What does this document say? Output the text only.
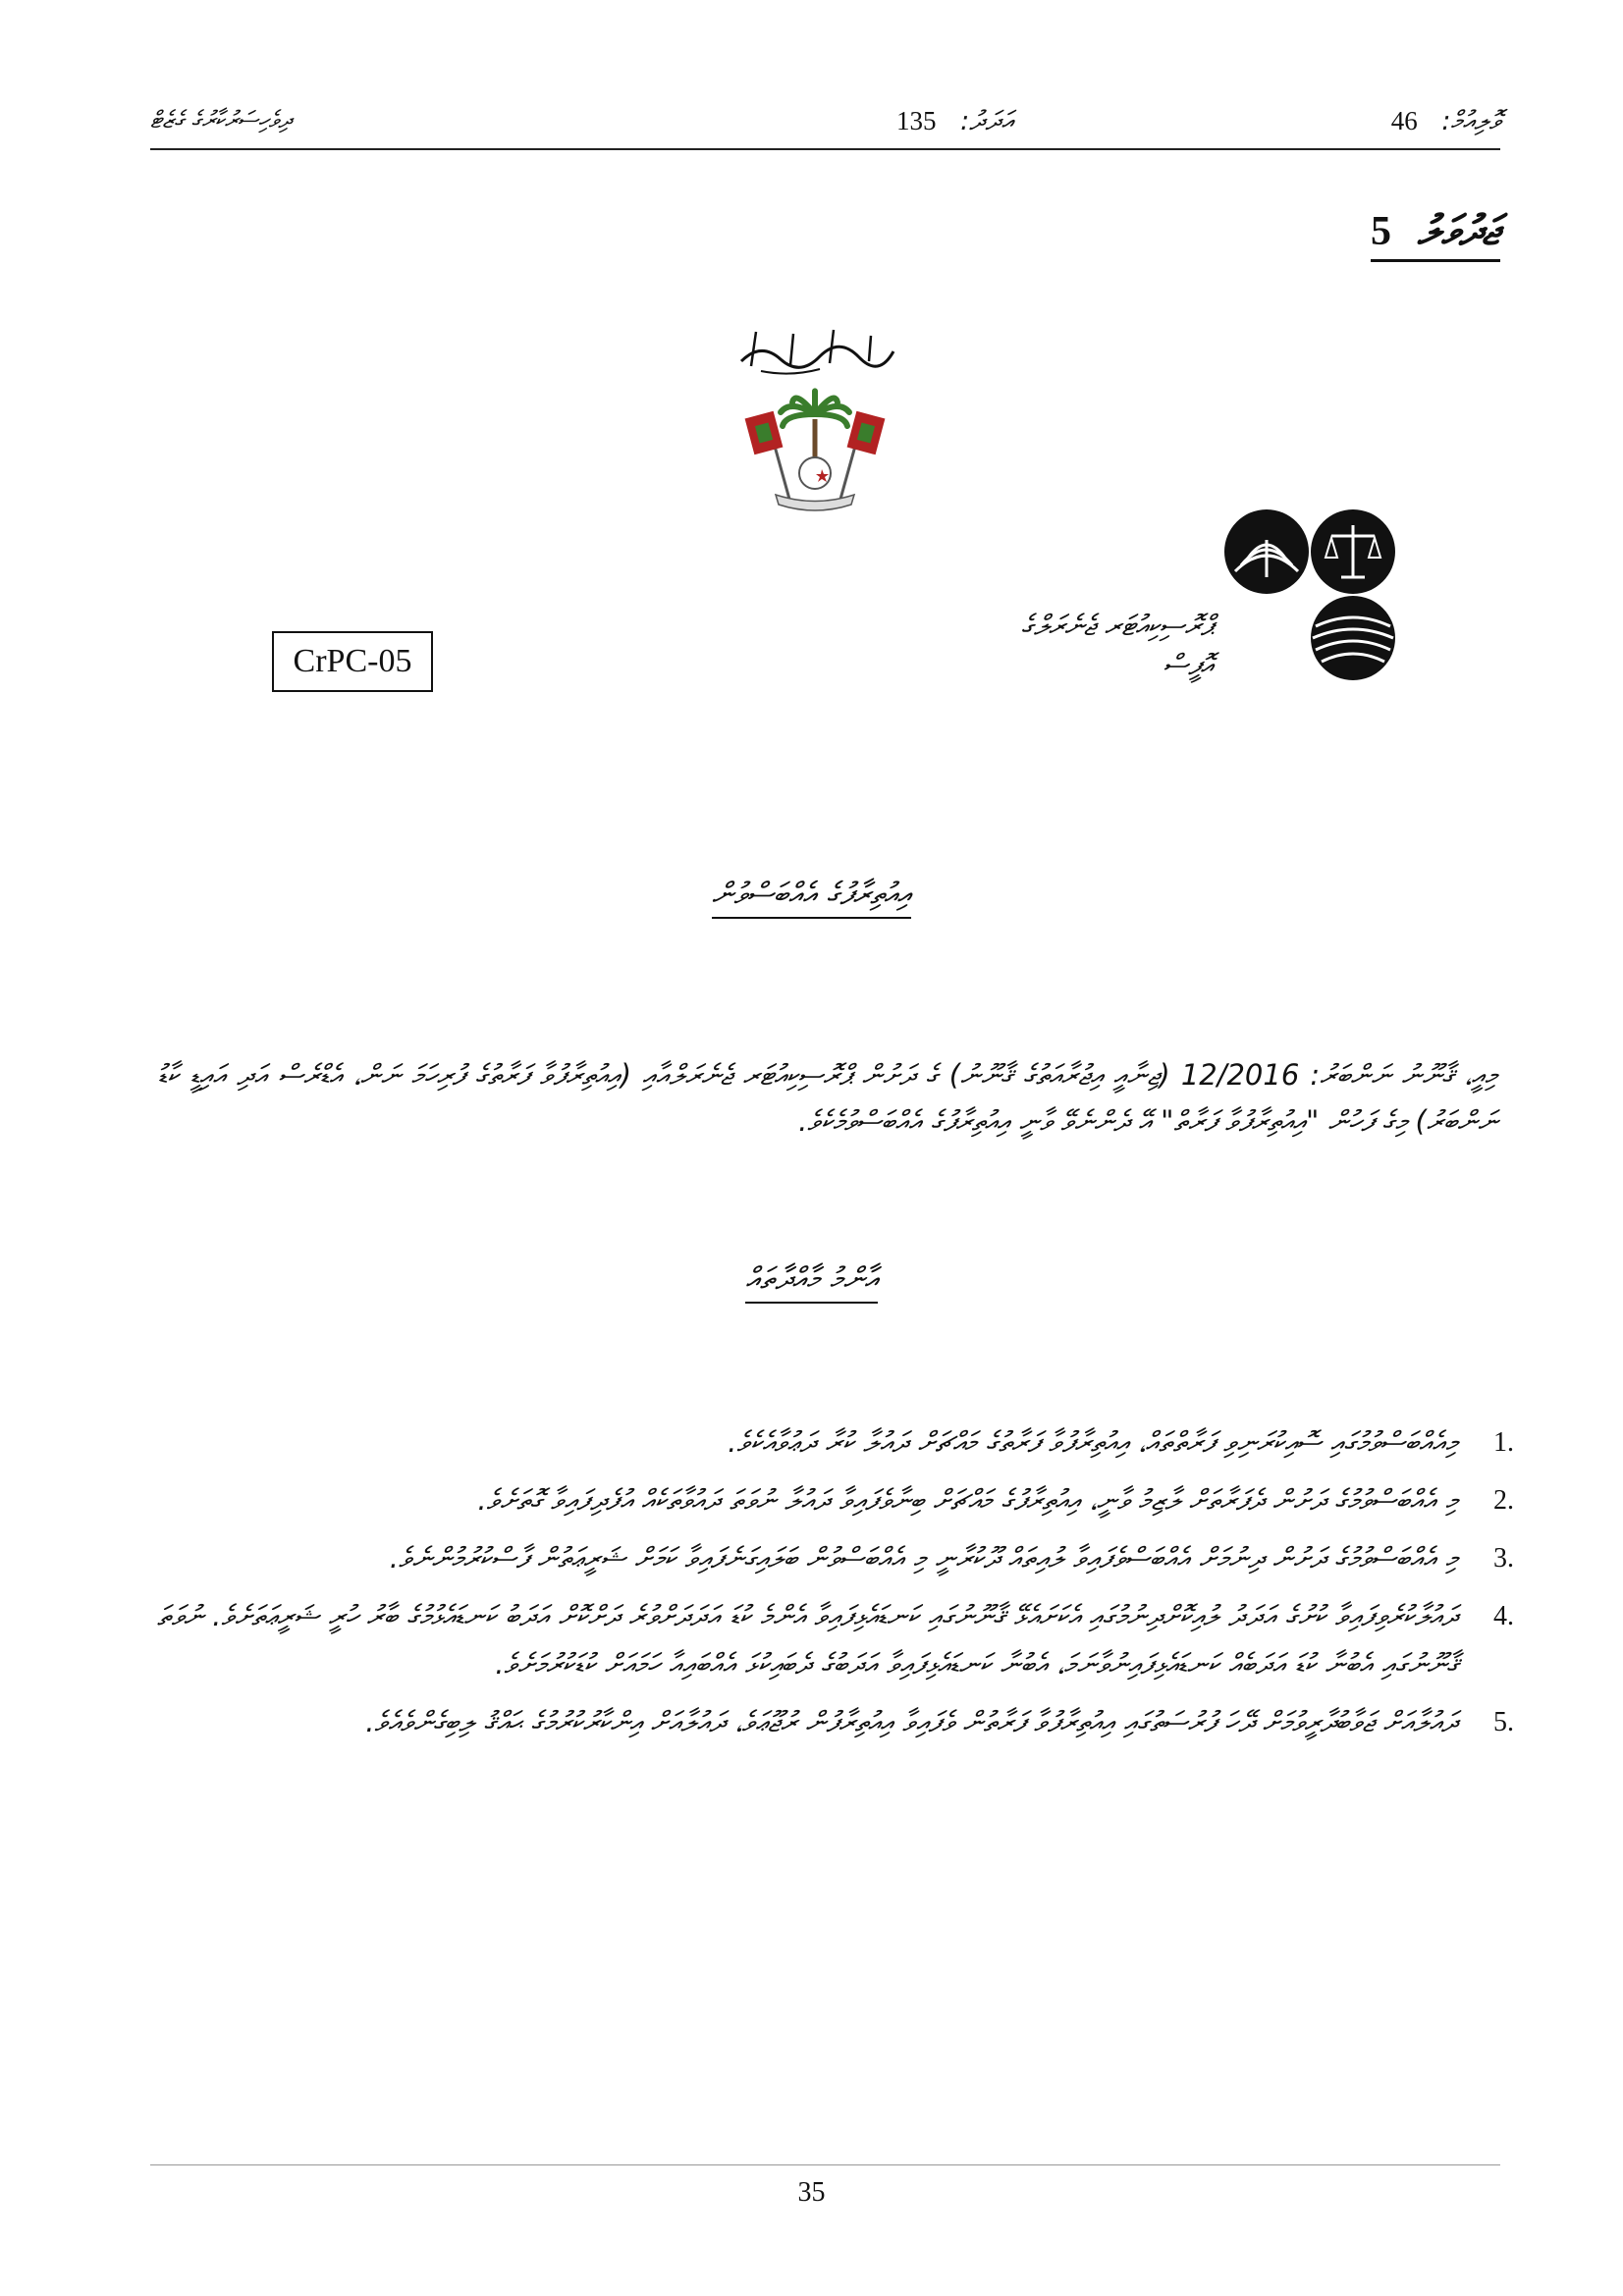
ދިވެހިސަރުކާރުގެ ގެޒެޓް	135 އަދަދު:	46 ވޮލިއުމް:
5 ޖަދުވަލު
ޕްރޮސިކިއުޓަރ ޖެނެރަލްގެ އޮފީސް
CrPC-05
އިއުތިރާފުގެ އެއްބަސްވުން
މިއީ، ޤާނޫނު ނަންބަރު: 12/2016 (ޖިނާއީ އިޖުރާއަތުގެ ޤާނޫނު) ގެ ދަށުން ޕްރޮސިކިއުޓަރ ޖެނެރަލްއާއި (އިއުތިރާފުވާ ފަރާތުގެ ފުރިހަމަ ނަން، އެޑްރެސް އަދި އައިޑީ ކާޑު ނަންބަރު) މިގެ ފަހުން "އިއުތިރާފުވާ ފަރާތް" އޭ ދެންނެވޭ ވާނީ އިއުތިރާފުގެ އެއްބަސްވުމެކެވެ.
އާންމު މާއްދާތައް
1.
މިއެއްބަސްވުމުގައި ސޮއިކުރަނިވި ފަރާތްތައް، އިއުތިރާފުވާ ފަރާތުގެ މައްޗަށް ދައުލާ ކުރާ ދަޢުވާއެކެވެ.
2.
މި އެއްބަސްވުމުގެ ދަށުން ދެފަރާތަށް ލާޒިމު ވާނީ، އިއުތިރާފުގެ މައްޗަށް ބިނާވެފައިވާ ދައުލާ ނުވަތަ ދައުވާތަކެއް އުފެދިފައިވާ ގޮތަށެވެ.
3.
މި އެއްބަސްވުމުގެ ދަށުން ދިނުމަށް އެއްބަސްވެފައިވާ ލުއިތައް ދޫކުރާނީ މި އެއްބަސްވުން ބަލައިގަނެފައިވާ ކަމަށް ޝަރީޢަތުން ފާސްކުރުމުންނެވެ.
4.
ދައުލާކުރެވިފައިވާ ކުށުގެ އަދަދު ލުއިކޮށްދިނުމުގައި އެކަށައެޅޭ ޤާނޫނުގައި ކަނޑައެޅިފައިވާ އެންމެ ކުޑަ އަދަދަށްވުރެ ދަށްކޮށް އަދަބު ކަނޑައެޅުމުގެ ބާރު ހުރީ ޝަރީޢަތަށެވެ. ނުވަތަ ޤާނޫނުގައި އެބުނާ ކުޑަ އަދަބެއް ކަނޑައެޅިފައިނުވާނަމަ، އެބުނާ ކަނޑައެޅިފައިވާ އަދަބުގެ ދެބައިކުޅަ އެއްބައިއާ ހަމައަށް ކުޑަކުރުމަށެވެ.
5.
ދައުލާއަށް ޖަވާބުދާރީވުމަށް ދޭހަ ފުރުސަތުގައި އިއުތިރާފުވާ ފަރާތުން ވެފައިވާ އިއުތިރާފުން ރުޖޫޢަވެ، ދައުލާއަށް އިންކާރުކުރުމުގެ ޙައްޤު ލިބިގެންވެއެވެ.
35
